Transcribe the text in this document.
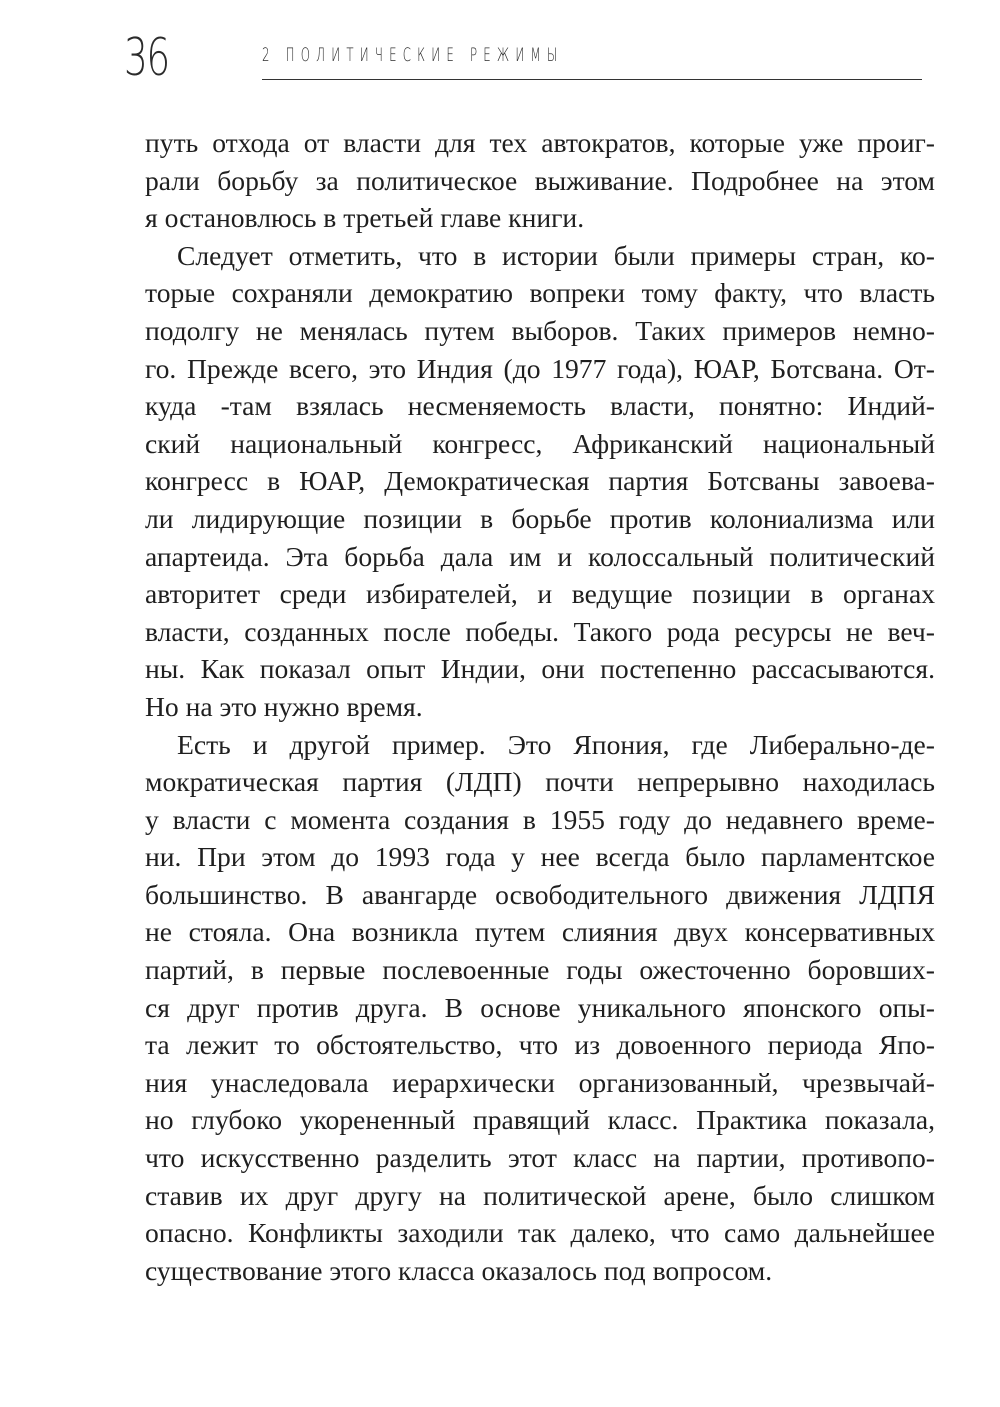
36	2 ПОЛИТИЧЕСКИЕ РЕЖИМЫ
путь отхода от власти для тех автократов, которые уже проиг-
рали борьбу за политическое выживание. Подробнее на этом
я остановлюсь в третьей главе книги.
Следует отметить, что в истории были примеры стран, ко-
торые сохраняли демократию вопреки тому факту, что власть
подолгу не менялась путем выборов. Таких примеров немно-
го. Прежде всего, это Индия (до 1977 года), ЮАР, Ботсвана. От-
куда -там взялась несменяемость власти, понятно: Индий-
ский национальный конгресс, Африканский национальный
конгресс в ЮАР, Демократическая партия Ботсваны завоева-
ли лидирующие позиции в борьбе против колониализма или
апартеида. Эта борьба дала им и колоссальный политический
авторитет среди избирателей, и ведущие позиции в органах
власти, созданных после победы. Такого рода ресурсы не веч-
ны. Как показал опыт Индии, они постепенно рассасываются.
Но на это нужно время.
Есть и другой пример. Это Япония, где Либерально-де-
мократическая партия (ЛДП) почти непрерывно находилась
у власти с момента создания в 1955 году до недавнего време-
ни. При этом до 1993 года у нее всегда было парламентское
большинство. В авангарде освободительного движения ЛДПЯ
не стояла. Она возникла путем слияния двух консервативных
партий, в первые послевоенные годы ожесточенно боровших-
ся друг против друга. В основе уникального японского опы-
та лежит то обстоятельство, что из довоенного периода Япо-
ния унаследовала иерархически организованный, чрезвычай-
но глубоко укорененный правящий класс. Практика показала,
что искусственно разделить этот класс на партии, противопо-
ставив их друг другу на политической арене, было слишком
опасно. Конфликты заходили так далеко, что само дальнейшее
существование этого класса оказалось под вопросом.
